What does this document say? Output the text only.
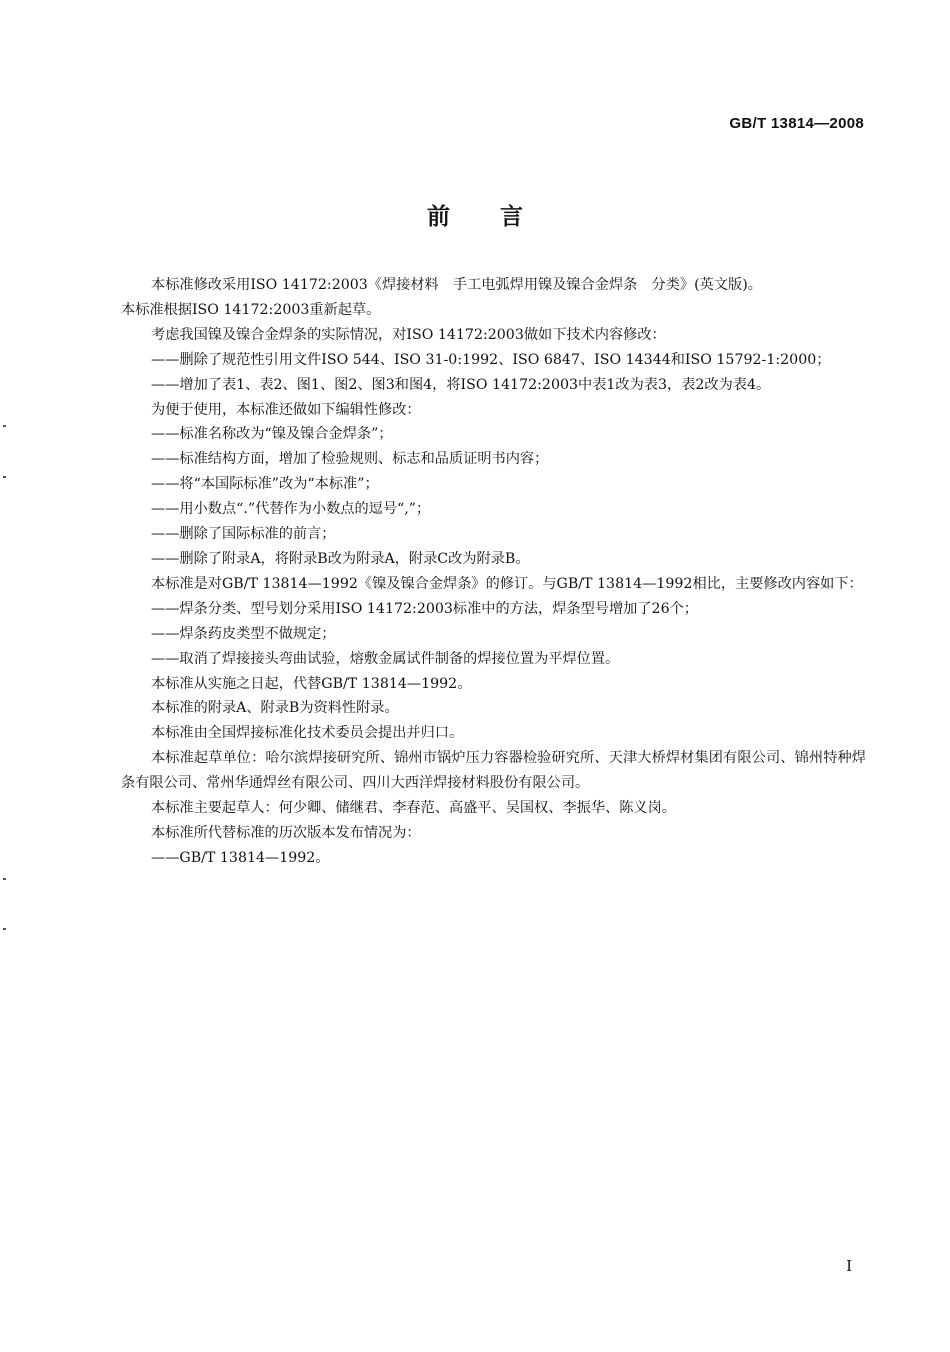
GB/T 13814—2008
前言

本标准修改采用ISO 14172:2003《焊接材料　手工电弧焊用镍及镍合金焊条　分类》(英文版)。

本标准根据ISO 14172:2003重新起草。

考虑我国镍及镍合金焊条的实际情况，对ISO 14172:2003做如下技术内容修改：

——删除了规范性引用文件ISO 544、ISO 31-0:1992、ISO 6847、ISO 14344和ISO 15792-1:2000；

——增加了表1、表2、图1、图2、图3和图4，将ISO 14172:2003中表1改为表3，表2改为表4。

为便于使用，本标准还做如下编辑性修改：

——标准名称改为“镍及镍合金焊条”；

——标准结构方面，增加了检验规则、标志和品质证明书内容；

——将“本国际标准”改为“本标准”；

——用小数点“.”代替作为小数点的逗号“,”；

——删除了国际标准的前言；

——删除了附录A，将附录B改为附录A，附录C改为附录B。

本标准是对GB/T 13814—1992《镍及镍合金焊条》的修订。与GB/T 13814—1992相比，主要修改内容如下：

——焊条分类、型号划分采用ISO 14172:2003标准中的方法，焊条型号增加了26个；

——焊条药皮类型不做规定；

——取消了焊接接头弯曲试验，熔敷金属试件制备的焊接位置为平焊位置。

本标准从实施之日起，代替GB/T 13814—1992。

本标准的附录A、附录B为资料性附录。

本标准由全国焊接标准化技术委员会提出并归口。

本标准起草单位：哈尔滨焊接研究所、锦州市锅炉压力容器检验研究所、天津大桥焊材集团有限公司、锦州特种焊条有限公司、常州华通焊丝有限公司、四川大西洋焊接材料股份有限公司。

本标准主要起草人：何少卿、储继君、李春范、高盛平、吴国权、李振华、陈义岗。

本标准所代替标准的历次版本发布情况为：

——GB/T 13814—1992。

I
